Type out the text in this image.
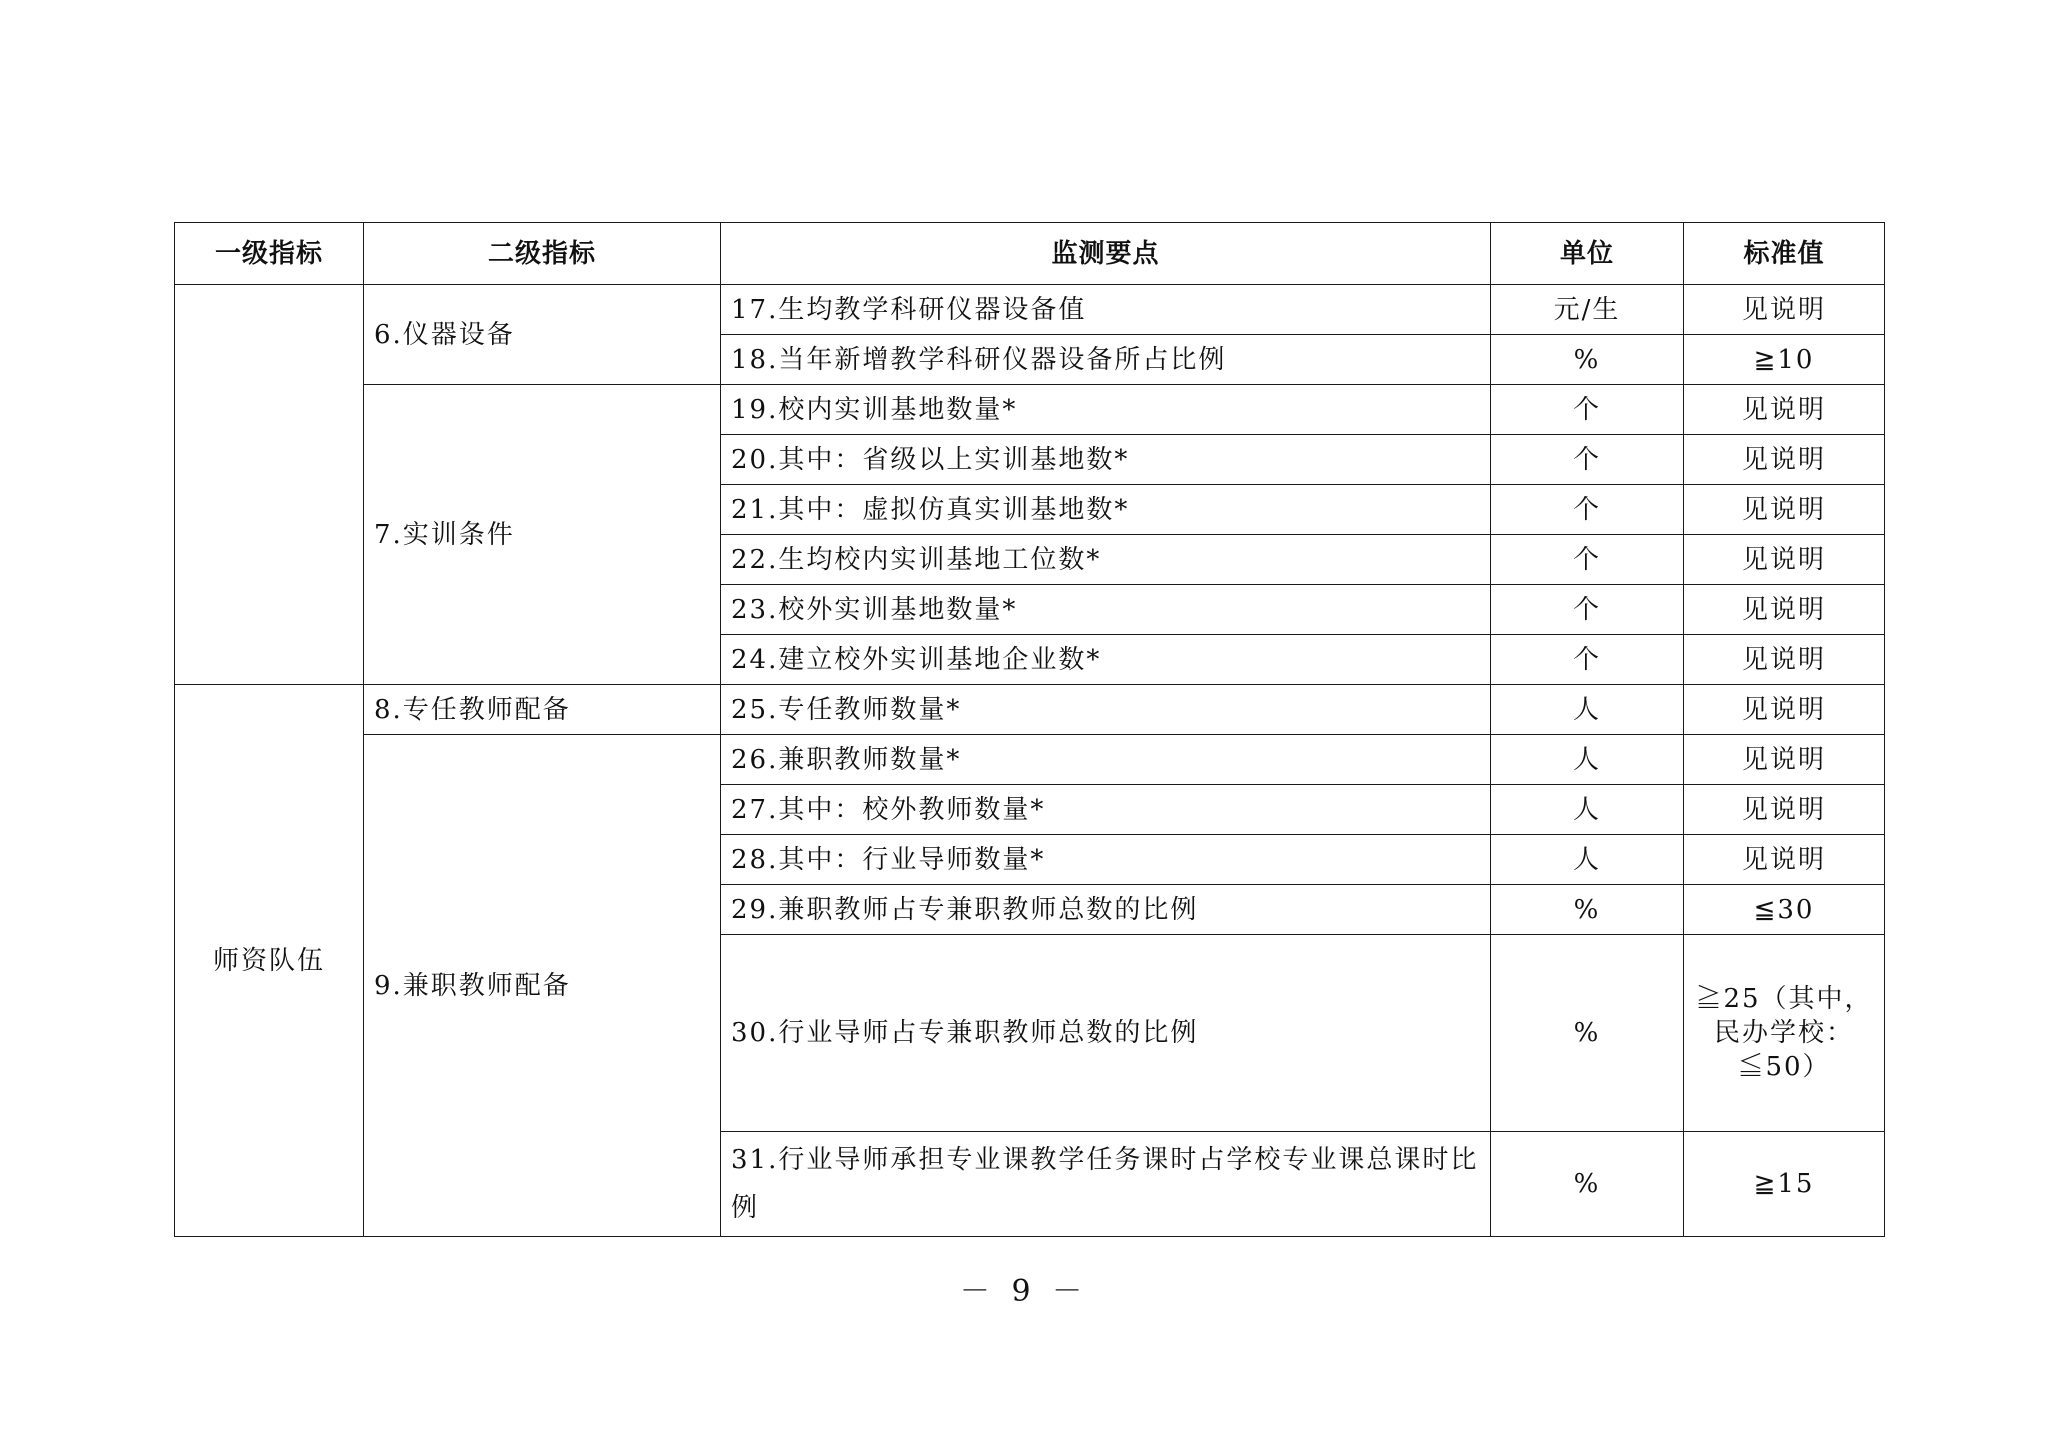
一级指标	二级指标	监测要点	单位	标准值
	6.仪器设备	17.生均教学科研仪器设备值	元/生	见说明
		18.当年新增教学科研仪器设备所占比例	%	≧10
	7.实训条件	19.校内实训基地数量*	个	见说明
		20.其中：省级以上实训基地数*	个	见说明
		21.其中：虚拟仿真实训基地数*	个	见说明
		22.生均校内实训基地工位数*	个	见说明
		23.校外实训基地数量*	个	见说明
		24.建立校外实训基地企业数*	个	见说明
师资队伍	8.专任教师配备	25.专任教师数量*	人	见说明
	9.兼职教师配备	26.兼职教师数量*	人	见说明
		27.其中：校外教师数量*	人	见说明
		28.其中：行业导师数量*	人	见说明
		29.兼职教师占专兼职教师总数的比例	%	≦30
		30.行业导师占专兼职教师总数的比例	%	≧25（其中，民办学校：≦50）
		31.行业导师承担专业课教学任务课时占学校专业课总课时比例	%	≧15
－ 9 －
